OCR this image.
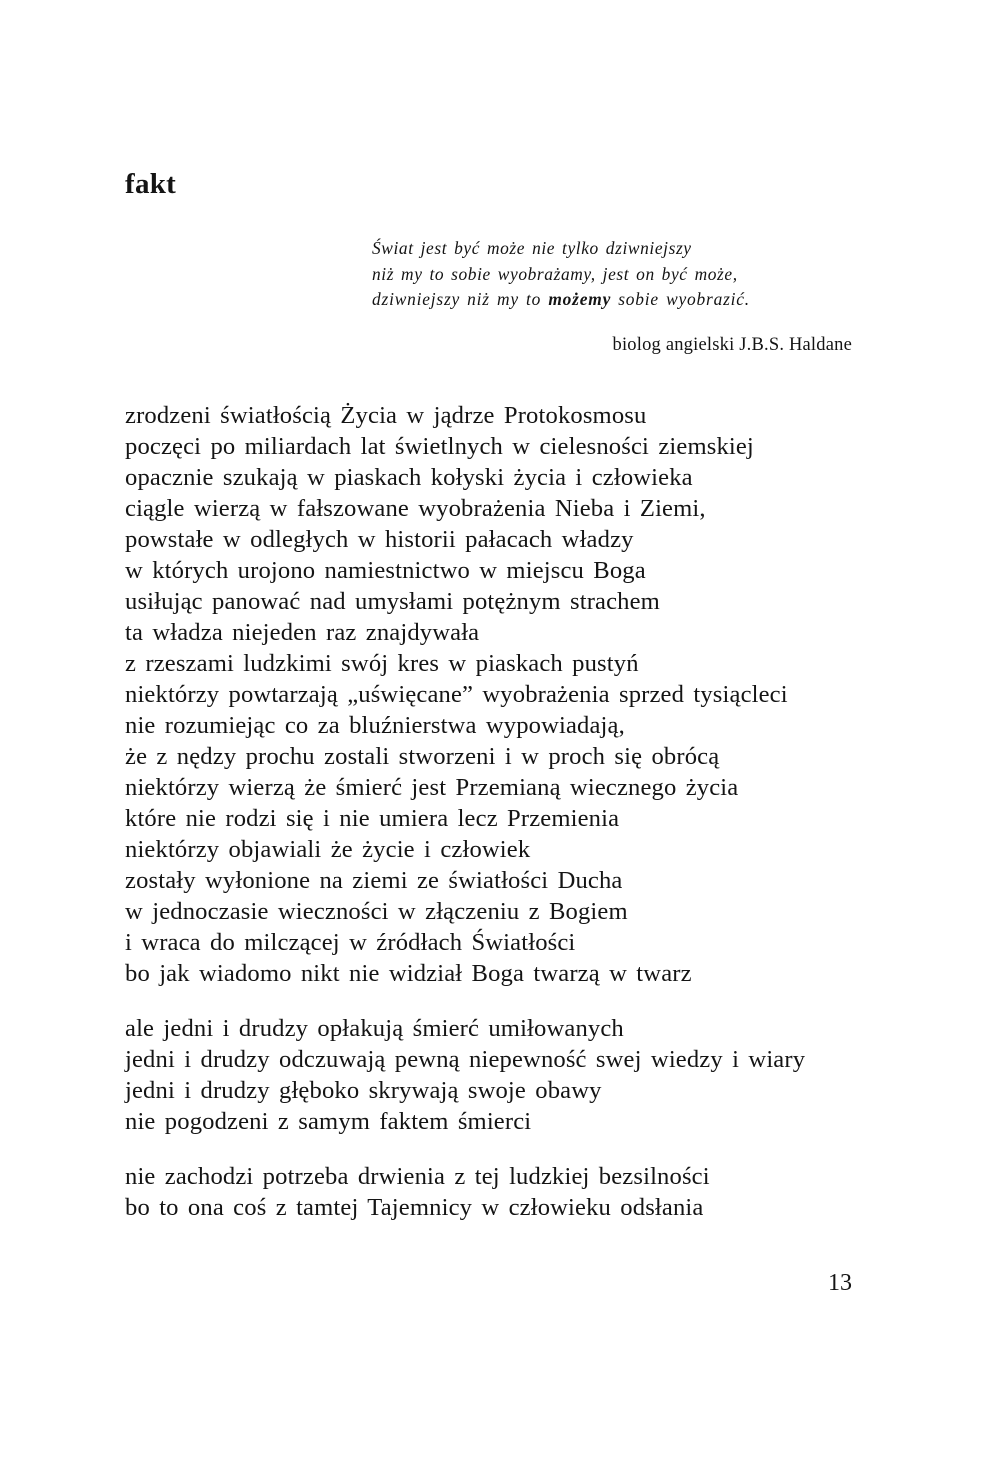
fakt
Świat jest być może nie tylko dziwniejszy
niż my to sobie wyobrażamy, jest on być może,
dziwniejszy niż my to możemy sobie wyobrazić.
biolog angielski J.B.S. Haldane
zrodzeni światłością Życia w jądrze Protokosmosu
poczęci po miliardach lat świetlnych w cielesności ziemskiej
opacznie szukają w piaskach kołyski życia i człowieka
ciągle wierzą w fałszowane wyobrażenia Nieba i Ziemi,
powstałe w odległych w historii pałacach władzy
w których urojono namiestnictwo w miejscu Boga
usiłując panować nad umysłami potężnym strachem
ta władza niejeden raz znajdywała
z rzeszami ludzkimi swój kres w piaskach pustyń
niektórzy powtarzają „uświęcane” wyobrażenia sprzed tysiącleci
nie rozumiejąc co za bluźnierstwa wypowiadają,
że z nędzy prochu zostali stworzeni i w proch się obrócą
niektórzy wierzą że śmierć jest Przemianą wiecznego życia
które nie rodzi się i nie umiera lecz Przemienia
niektórzy objawiali że życie i człowiek
zostały wyłonione na ziemi ze światłości Ducha
w jednoczasie wieczności w złączeniu z Bogiem
i wraca do milczącej w źródłach Światłości
bo jak wiadomo nikt nie widział Boga twarzą w twarz
ale jedni i drudzy opłakują śmierć umiłowanych
jedni i drudzy odczuwają pewną niepewność swej wiedzy i wiary
jedni i drudzy głęboko skrywają swoje obawy
nie pogodzeni z samym faktem śmierci
nie zachodzi potrzeba drwienia z tej ludzkiej bezsilności
bo to ona coś z tamtej Tajemnicy w człowieku odsłania
13
